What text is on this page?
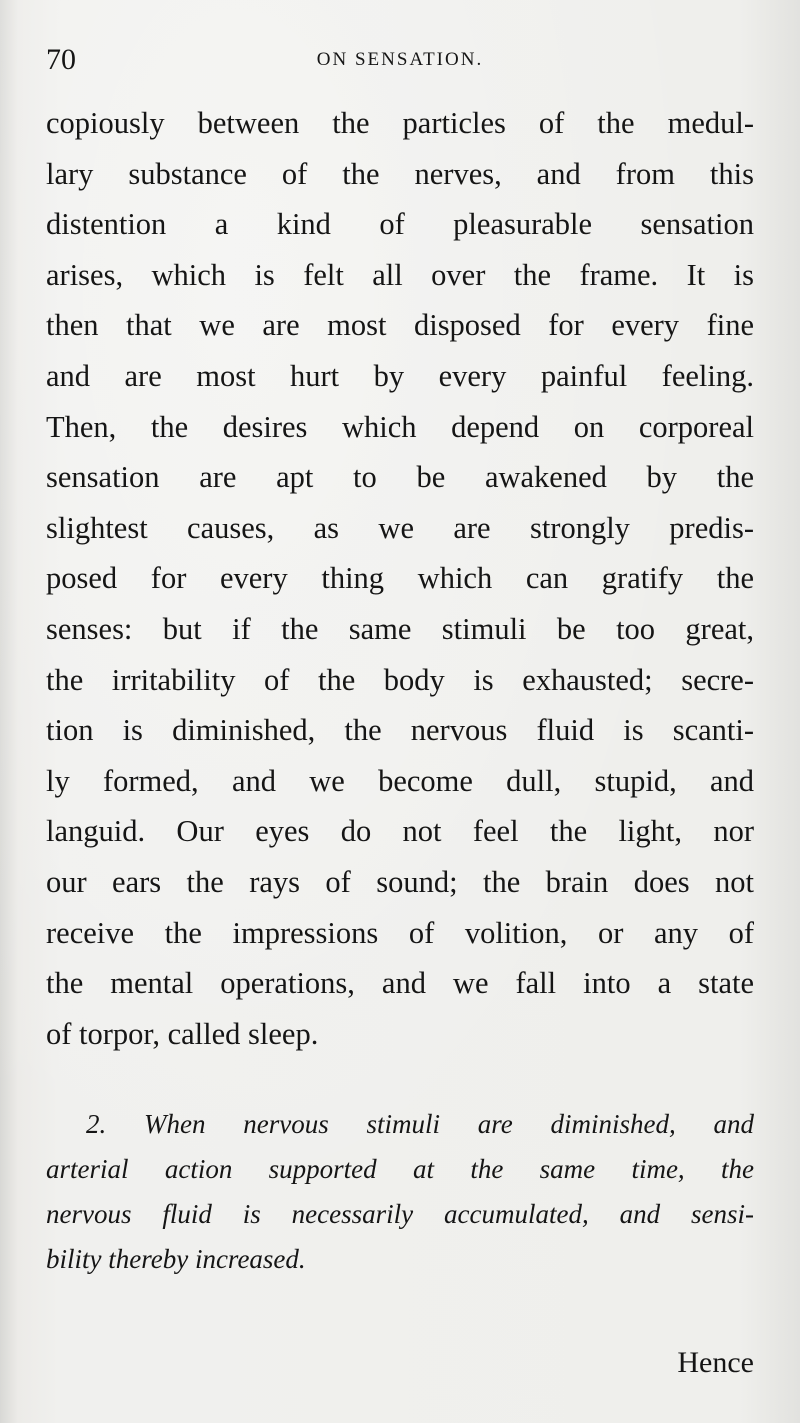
70	ON SENSATION.
copiously between the particles of the medul-
lary substance of the nerves, and from this
distention a kind of pleasurable sensation
arises, which is felt all over the frame. It is
then that we are most disposed for every fine
and are most hurt by every painful feeling.
Then, the desires which depend on corporeal
sensation are apt to be awakened by the
slightest causes, as we are strongly predis-
posed for every thing which can gratify the
senses: but if the same stimuli be too great,
the irritability of the body is exhausted; secre-
tion is diminished, the nervous fluid is scanti-
ly formed, and we become dull, stupid, and
languid. Our eyes do not feel the light, nor
our ears the rays of sound; the brain does not
receive the impressions of volition, or any of
the mental operations, and we fall into a state
of torpor, called sleep.
2. When nervous stimuli are diminished, and
arterial action supported at the same time, the
nervous fluid is necessarily accumulated, and sensi-
bility thereby increased.
Hence
